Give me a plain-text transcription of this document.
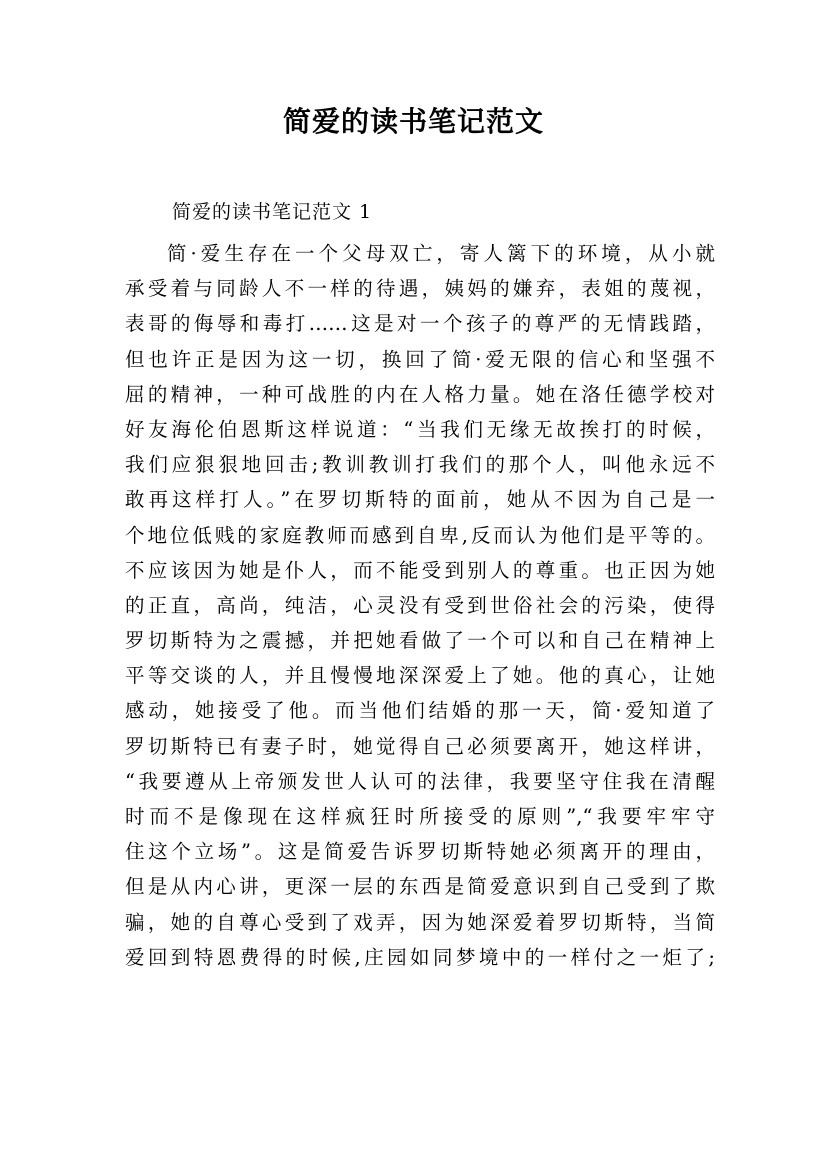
简爱的读书笔记范文
简爱的读书笔记范文 1
简·爱生存在一个父母双亡，寄人篱下的环境，从小就
承受着与同龄人不一样的待遇，姨妈的嫌弃，表姐的蔑视，
表哥的侮辱和毒打……这是对一个孩子的尊严的无情践踏，
但也许正是因为这一切，换回了简·爱无限的信心和坚强不
屈的精神，一种可战胜的内在人格力量。她在洛任德学校对
好友海伦伯恩斯这样说道：“当我们无缘无故挨打的时候，
我们应狠狠地回击;教训教训打我们的那个人，叫他永远不
敢再这样打人。”在罗切斯特的面前，她从不因为自己是一
个地位低贱的家庭教师而感到自卑,反而认为他们是平等的。
不应该因为她是仆人，而不能受到别人的尊重。也正因为她
的正直，高尚，纯洁，心灵没有受到世俗社会的污染，使得
罗切斯特为之震撼，并把她看做了一个可以和自己在精神上
平等交谈的人，并且慢慢地深深爱上了她。他的真心，让她
感动，她接受了他。而当他们结婚的那一天，简·爱知道了
罗切斯特已有妻子时，她觉得自己必须要离开，她这样讲，
“我要遵从上帝颁发世人认可的法律，我要坚守住我在清醒
时而不是像现在这样疯狂时所接受的原则”,“我要牢牢守
住这个立场”。这是简爱告诉罗切斯特她必须离开的理由，
但是从内心讲，更深一层的东西是简爱意识到自己受到了欺
骗，她的自尊心受到了戏弄，因为她深爱着罗切斯特，当简
爱回到特恩费得的时候,庄园如同梦境中的一样付之一炬了;
